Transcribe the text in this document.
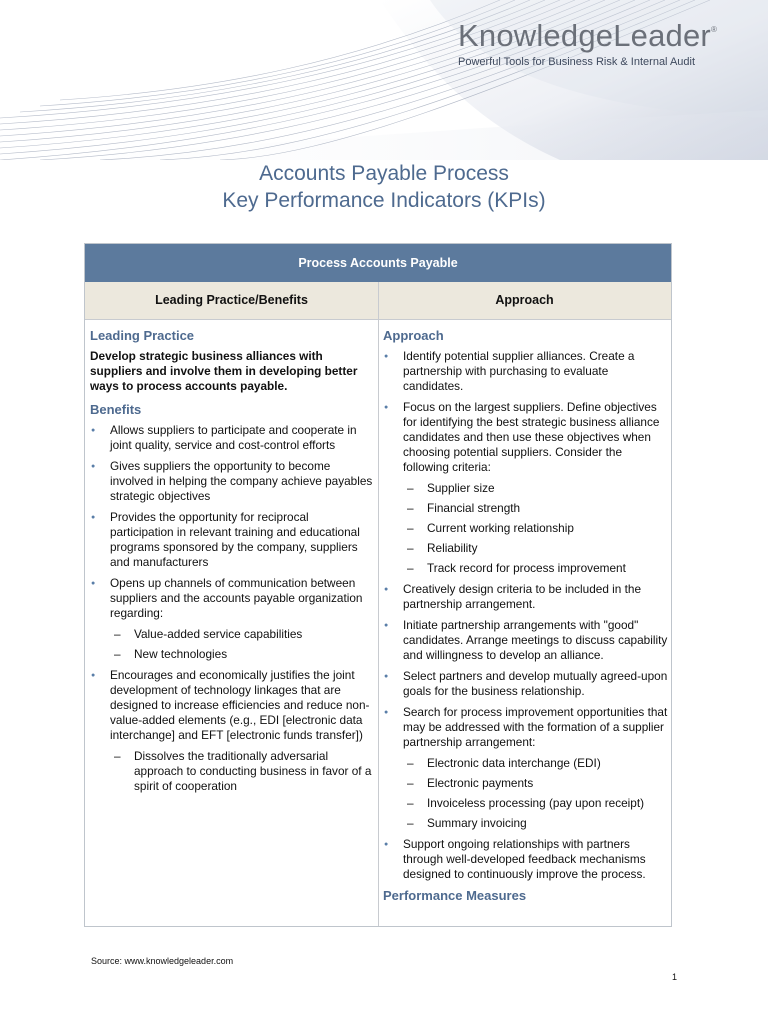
KnowledgeLeader®
Powerful Tools for Business Risk & Internal Audit
Accounts Payable Process
Key Performance Indicators (KPIs)
Process Accounts Payable
Leading Practice/Benefits	Approach
Leading Practice
Develop strategic business alliances with suppliers and involve them in developing better ways to process accounts payable.
Benefits
● Allows suppliers to participate and cooperate in joint quality, service and cost-control efforts
● Gives suppliers the opportunity to become involved in helping the company achieve payables strategic objectives
● Provides the opportunity for reciprocal participation in relevant training and educational programs sponsored by the company, suppliers and manufacturers
● Opens up channels of communication between suppliers and the accounts payable organization regarding:
– Value-added service capabilities
– New technologies
● Encourages and economically justifies the joint development of technology linkages that are designed to increase efficiencies and reduce non-value-added elements (e.g., EDI [electronic data interchange] and EFT [electronic funds transfer])
– Dissolves the traditionally adversarial approach to conducting business in favor of a spirit of cooperation
Approach
● Identify potential supplier alliances. Create a partnership with purchasing to evaluate candidates.
● Focus on the largest suppliers. Define objectives for identifying the best strategic business alliance candidates and then use these objectives when choosing potential suppliers. Consider the following criteria:
– Supplier size
– Financial strength
– Current working relationship
– Reliability
– Track record for process improvement
● Creatively design criteria to be included in the partnership arrangement.
● Initiate partnership arrangements with "good" candidates. Arrange meetings to discuss capability and willingness to develop an alliance.
● Select partners and develop mutually agreed-upon goals for the business relationship.
● Search for process improvement opportunities that may be addressed with the formation of a supplier partnership arrangement:
– Electronic data interchange (EDI)
– Electronic payments
– Invoiceless processing (pay upon receipt)
– Summary invoicing
● Support ongoing relationships with partners through well-developed feedback mechanisms designed to continuously improve the process.
Performance Measures
Source: www.knowledgeleader.com
1
